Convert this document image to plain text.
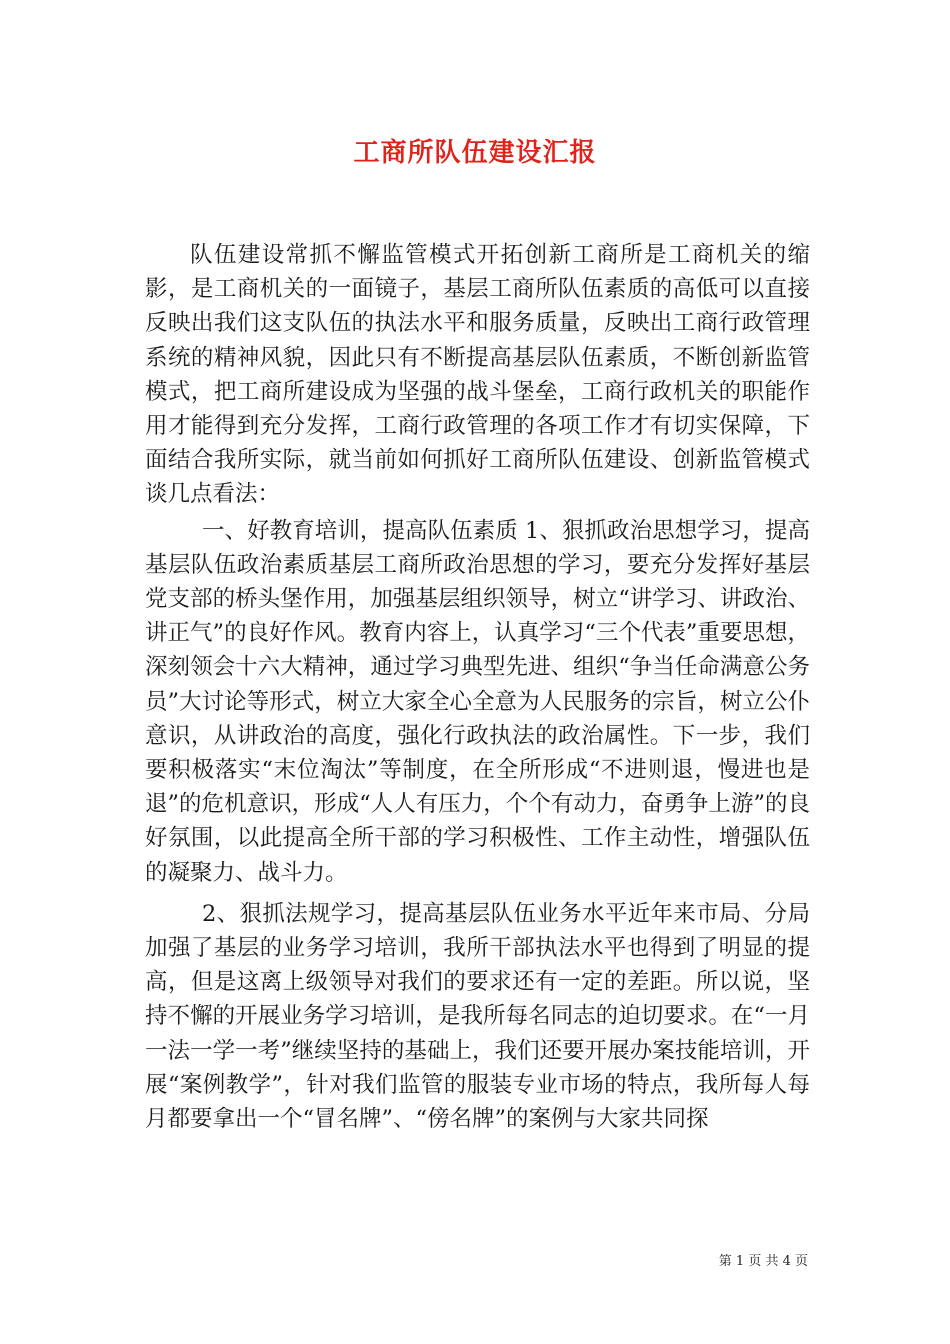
工商所队伍建设汇报

队伍建设常抓不懈监管模式开拓创新工商所是工商机关的缩影，是工商机关的一面镜子，基层工商所队伍素质的高低可以直接反映出我们这支队伍的执法水平和服务质量，反映出工商行政管理系统的精神风貌，因此只有不断提高基层队伍素质，不断创新监管模式，把工商所建设成为坚强的战斗堡垒，工商行政机关的职能作用才能得到充分发挥，工商行政管理的各项工作才有切实保障，下面结合我所实际，就当前如何抓好工商所队伍建设、创新监管模式谈几点看法：

一、好教育培训，提高队伍素质 1、狠抓政治思想学习，提高基层队伍政治素质基层工商所政治思想的学习，要充分发挥好基层党支部的桥头堡作用，加强基层组织领导，树立“讲学习、讲政治、讲正气”的良好作风。教育内容上，认真学习“三个代表”重要思想，深刻领会十六大精神，通过学习典型先进、组织“争当任命满意公务员”大讨论等形式，树立大家全心全意为人民服务的宗旨，树立公仆意识，从讲政治的高度，强化行政执法的政治属性。下一步，我们要积极落实“末位淘汰”等制度，在全所形成“不进则退，慢进也是退”的危机意识，形成“人人有压力，个个有动力，奋勇争上游”的良好氛围，以此提高全所干部的学习积极性、工作主动性，增强队伍的凝聚力、战斗力。

2、狠抓法规学习，提高基层队伍业务水平近年来市局、分局加强了基层的业务学习培训，我所干部执法水平也得到了明显的提高，但是这离上级领导对我们的要求还有一定的差距。所以说，坚持不懈的开展业务学习培训，是我所每名同志的迫切要求。在“一月一法一学一考”继续坚持的基础上，我们还要开展办案技能培训，开展“案例教学”，针对我们监管的服装专业市场的特点，我所每人每月都要拿出一个“冒名牌”、“傍名牌”的案例与大家共同探

第 1 页 共 4 页
